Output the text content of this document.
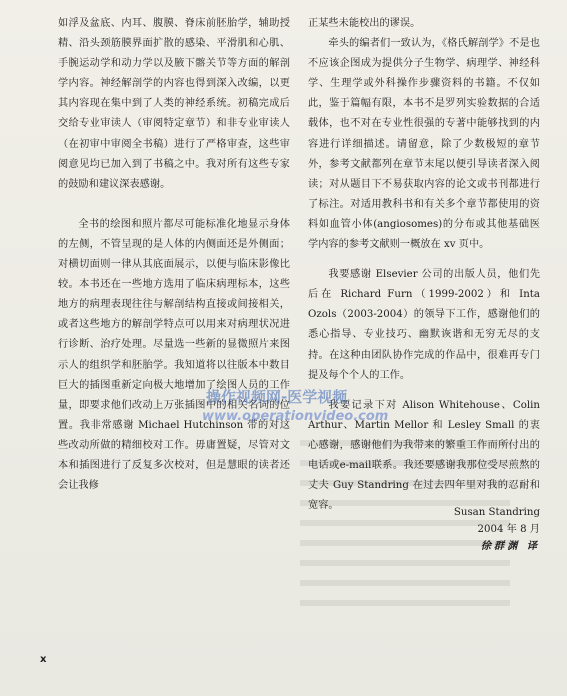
如浮及盆底、内耳、腹膜、脊床前胚胎学，辅助授精、沿头颈筋膜界面扩散的感染、平滑肌和心肌、手腕运动学和动力学以及腋下髂关节等方面的解剖学内容。神经解剖学的内容也得到深入改编，以更其内容现在集中到了人类的神经系统。初稿完成后交给专业审读人（审阅特定章节）和非专业审读人（在初审中审阅全书稿）进行了严格审查，这些审阅意见均已加入到了书稿之中。我对所有这些专家的鼓励和建议深表感谢。

全书的绘图和照片都尽可能标准化地显示身体的左侧，不管呈现的是人体的内侧面还是外侧面；对横切面则一律从其底面展示，以便与临床影像比较。本书还在一些地方选用了临床病理标本，这些地方的病理表现往往与解剖结构直接或间接相关，或者这些地方的解剖学特点可以用来对病理状况进行诊断、治疗处理。尽量选一些新的显微照片来图示人的组织学和胚胎学。我知道将以往版本中数目巨大的插图重新定向极大地增加了绘图人员的工作量，即要求他们改动上万张插图中的相关名词的位置。我非常感谢 Michael Hutchinson 带的对这些改动所做的精细校对工作。毋庸置疑，尽管对文本和插图进行了反复多次校对，但是慧眼的读者还会让我修

正某些未能校出的谬误。

牵头的编者们一致认为，《格氏解剖学》不是也不应该企图成为提供分子生物学、病理学、神经科学、生理学或外科操作步骤资料的书籍。不仅如此，鉴于篇幅有限，本书不是罗列实验数据的合适载体，也不对在专业性很强的专著中能够找到的内容进行详细描述。请留意，除了少数极短的章节外，参考文献都列在章节末尾以便引导读者深入阅读；对从题目下不易获取内容的论文或书刊都进行了标注。对适用教科书和有关多个章节都使用的资料如血管小体(angiosomes)的分布或其他基础医学内容的参考文献则一概放在 xv 页中。

我要感谢 Elsevier 公司的出版人员，他们先后在 Richard Furn（1999-2002）和 Inta Ozols（2003-2004）的领导下工作，感谢他们的悉心指导、专业技巧、幽默诙谐和无穷无尽的支持。在这种由团队协作完成的作品中，很难再专门提及每个个人的工作。

我要记录下对 Alison Whitehouse、Colin Arthur、Martin Mellor 和 Lesley Small 的衷心感谢，感谢他们为我带来的繁重工作而所付出的电话或e-mail联系。我还要感谢我那位受尽煎熬的丈夫 Guy Standring 在过去四年里对我的忍耐和宽容。

Susan Standring
2004 年 8 月
徐群渊 译
操作视频网-医学视频
www.operationvideo.com
x
